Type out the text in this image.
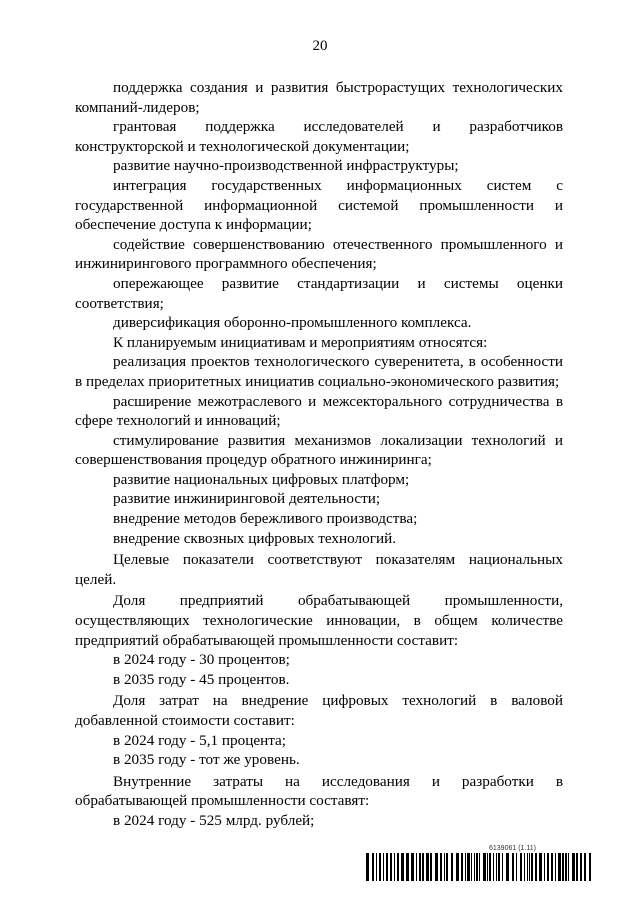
20

поддержка создания и развития быстрорастущих технологических компаний-лидеров;

грантовая поддержка исследователей и разработчиков конструкторской и технологической документации;

развитие научно-производственной инфраструктуры;

интеграция государственных информационных систем с государственной информационной системой промышленности и обеспечение доступа к информации;

содействие совершенствованию отечественного промышленного и инжинирингового программного обеспечения;

опережающее развитие стандартизации и системы оценки соответствия;

диверсификация оборонно-промышленного комплекса.

К планируемым инициативам и мероприятиям относятся:

реализация проектов технологического суверенитета, в особенности в пределах приоритетных инициатив социально-экономического развития;

расширение межотраслевого и межсекторального сотрудничества в сфере технологий и инноваций;

стимулирование развития механизмов локализации технологий и совершенствования процедур обратного инжиниринга;

развитие национальных цифровых платформ;

развитие инжиниринговой деятельности;

внедрение методов бережливого производства;

внедрение сквозных цифровых технологий.

Целевые показатели соответствуют показателям национальных целей.

Доля предприятий обрабатывающей промышленности, осуществляющих технологические инновации, в общем количестве предприятий обрабатывающей промышленности составит:

в 2024 году - 30 процентов;

в 2035 году - 45 процентов.

Доля затрат на внедрение цифровых технологий в валовой добавленной стоимости составит:

в 2024 году - 5,1 процента;

в 2035 году - тот же уровень.

Внутренние затраты на исследования и разработки в обрабатывающей промышленности составят:

в 2024 году - 525 млрд. рублей;

6139061 (1.11)
